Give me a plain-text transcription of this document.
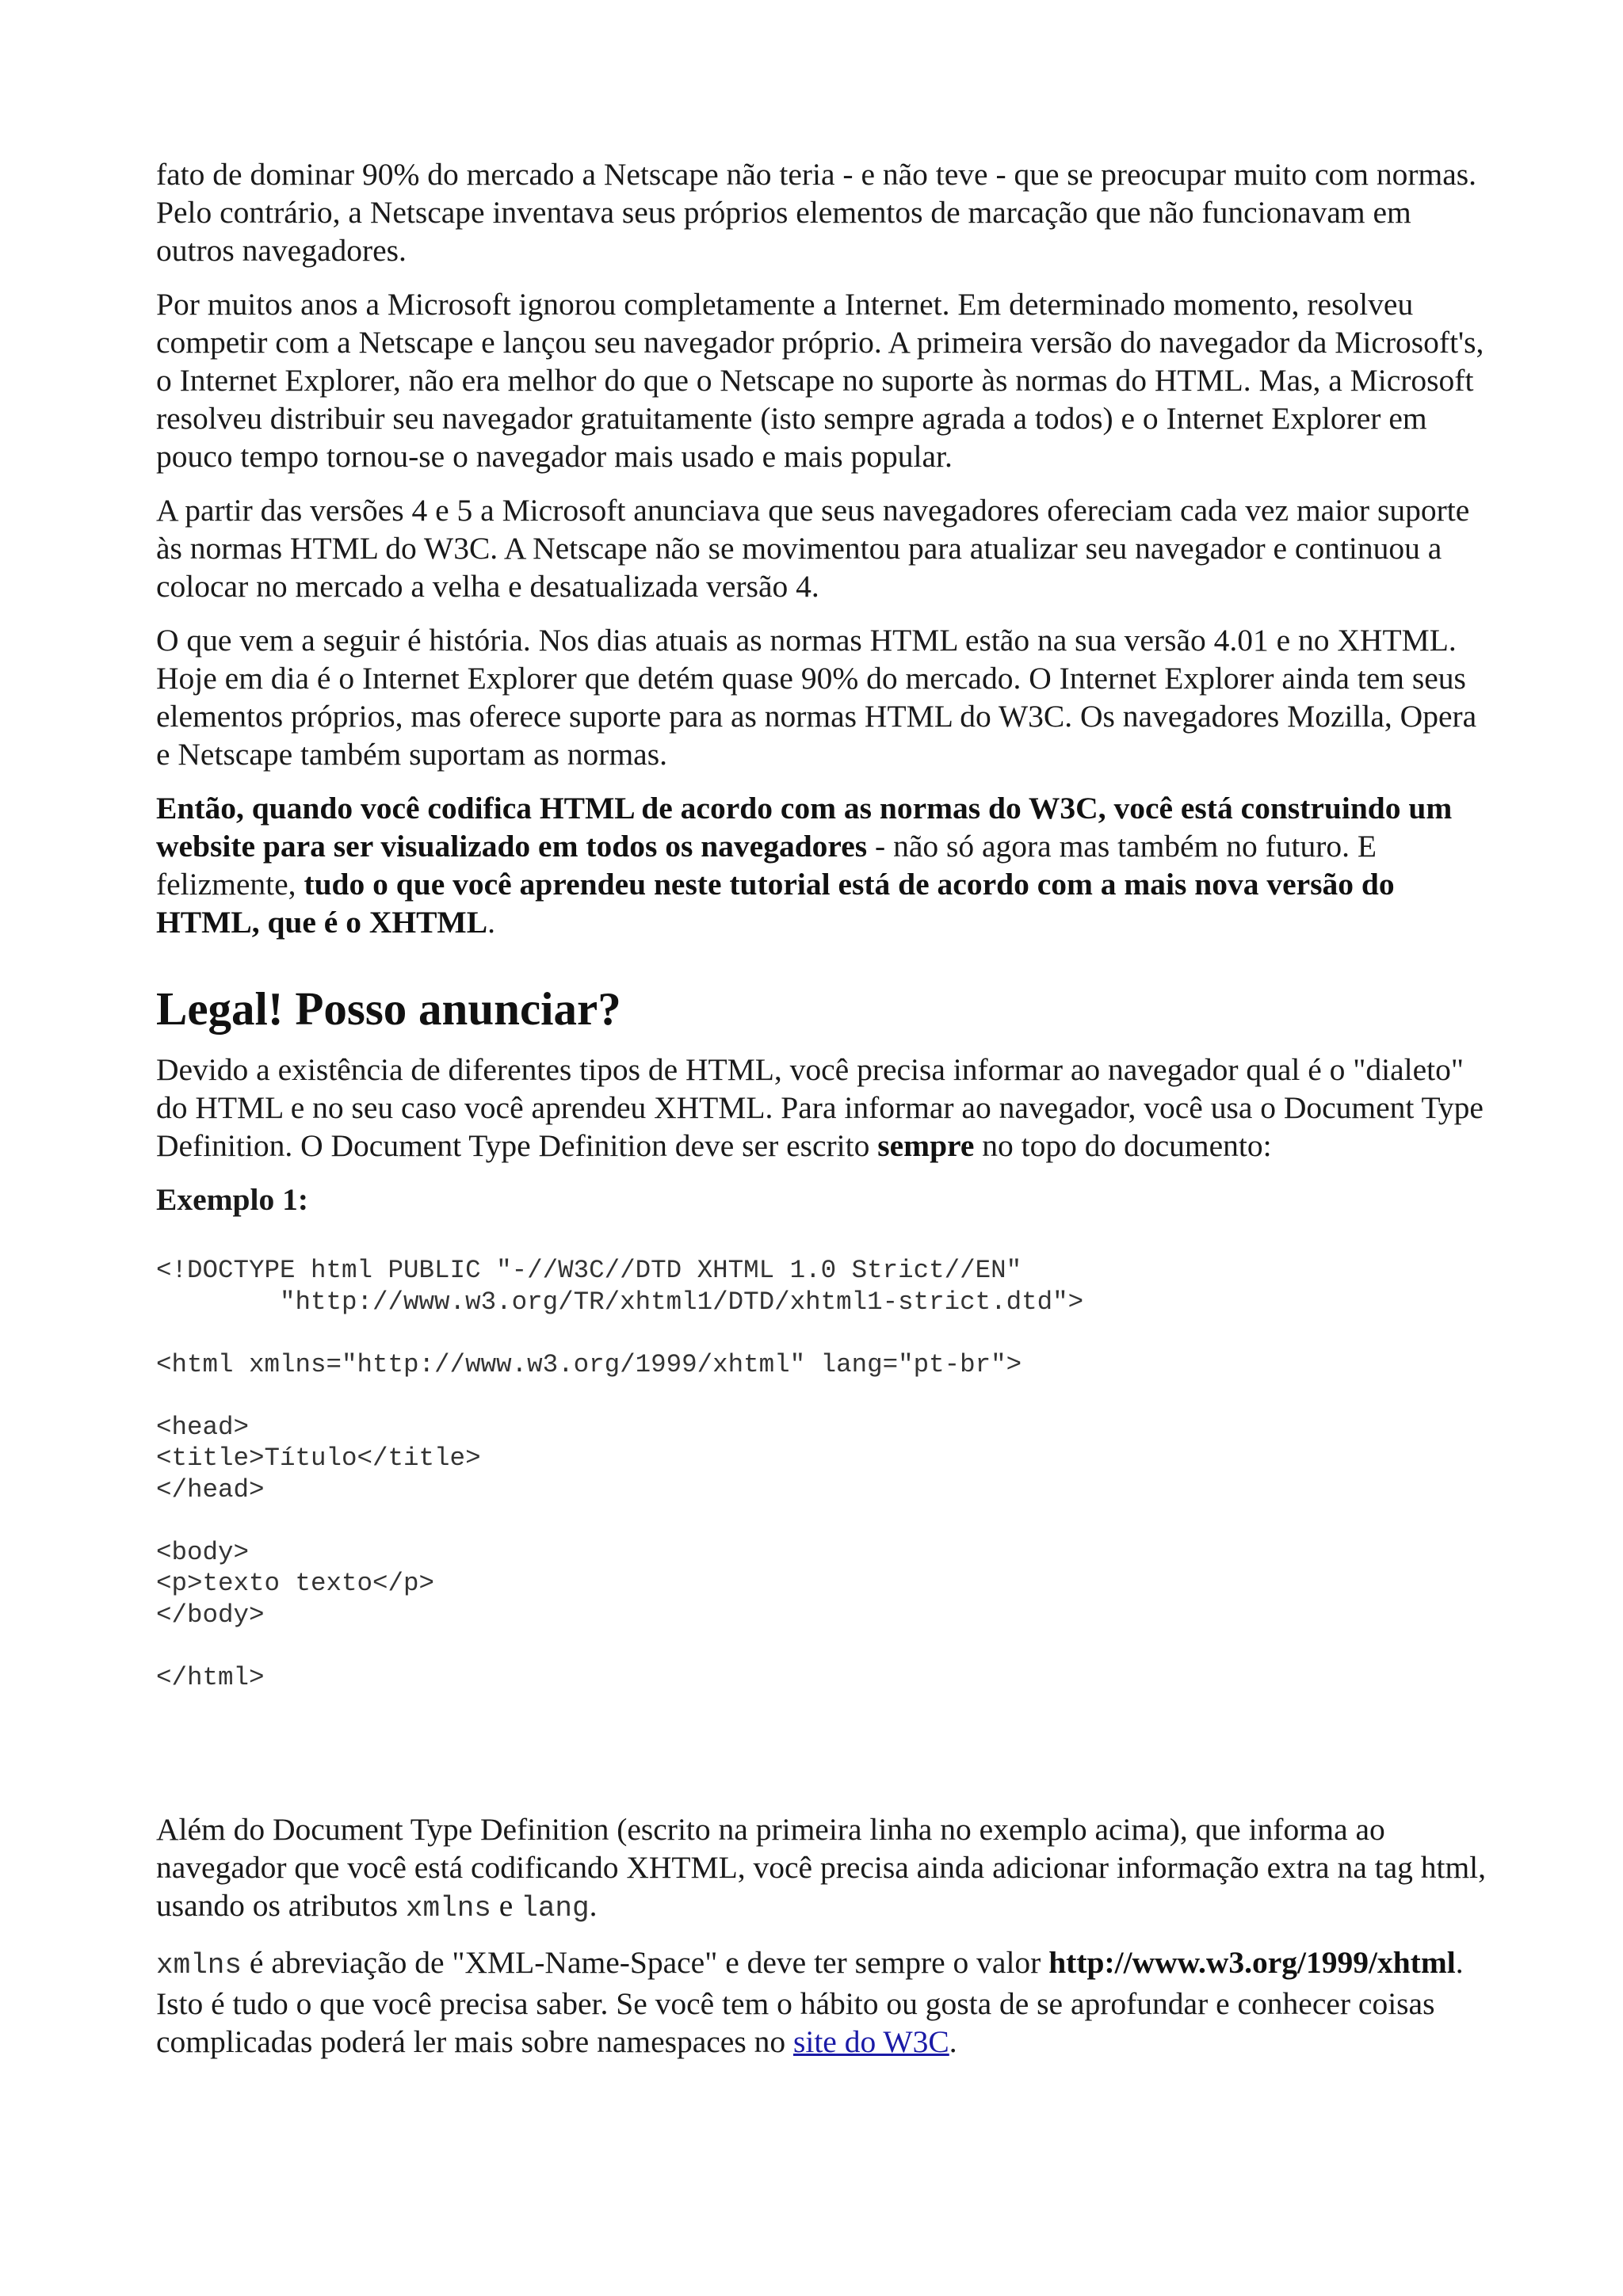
fato de dominar 90% do mercado a Netscape não teria - e não teve - que se preocupar muito com normas. Pelo contrário, a Netscape inventava seus próprios elementos de marcação que não funcionavam em outros navegadores.

Por muitos anos a Microsoft ignorou completamente a Internet. Em determinado momento, resolveu competir com a Netscape e lançou seu navegador próprio. A primeira versão do navegador da Microsoft's, o Internet Explorer, não era melhor do que o Netscape no suporte às normas do HTML. Mas, a Microsoft resolveu distribuir seu navegador gratuitamente (isto sempre agrada a todos) e o Internet Explorer em pouco tempo tornou-se o navegador mais usado e mais popular.

A partir das versões 4 e 5 a Microsoft anunciava que seus navegadores ofereciam cada vez maior suporte às normas HTML do W3C. A Netscape não se movimentou para atualizar seu navegador e continuou a colocar no mercado a velha e desatualizada versão 4.

O que vem a seguir é história. Nos dias atuais as normas HTML estão na sua versão 4.01 e no XHTML. Hoje em dia é o Internet Explorer que detém quase 90% do mercado. O Internet Explorer ainda tem seus elementos próprios, mas oferece suporte para as normas HTML do W3C. Os navegadores Mozilla, Opera e Netscape também suportam as normas.

Então, quando você codifica HTML de acordo com as normas do W3C, você está construindo um website para ser visualizado em todos os navegadores - não só agora mas também no futuro. E felizmente, tudo o que você aprendeu neste tutorial está de acordo com a mais nova versão do HTML, que é o XHTML.

Legal! Posso anunciar?

Devido a existência de diferentes tipos de HTML, você precisa informar ao navegador qual é o "dialeto" do HTML e no seu caso você aprendeu XHTML. Para informar ao navegador, você usa o Document Type Definition. O Document Type Definition deve ser escrito sempre no topo do documento:

Exemplo 1:

<!DOCTYPE html PUBLIC "-//W3C//DTD XHTML 1.0 Strict//EN"
"http://www.w3.org/TR/xhtml1/DTD/xhtml1-strict.dtd">

<html xmlns="http://www.w3.org/1999/xhtml" lang="pt-br">

<head>
<title>Título</title>
</head>

<body>
<p>texto texto</p>
</body>

</html>

Além do Document Type Definition (escrito na primeira linha no exemplo acima), que informa ao navegador que você está codificando XHTML, você precisa ainda adicionar informação extra na tag html, usando os atributos xmlns e lang.

xmlns é abreviação de "XML-Name-Space" e deve ter sempre o valor http://www.w3.org/1999/xhtml. Isto é tudo o que você precisa saber. Se você tem o hábito ou gosta de se aprofundar e conhecer coisas complicadas poderá ler mais sobre namespaces no site do W3C.
